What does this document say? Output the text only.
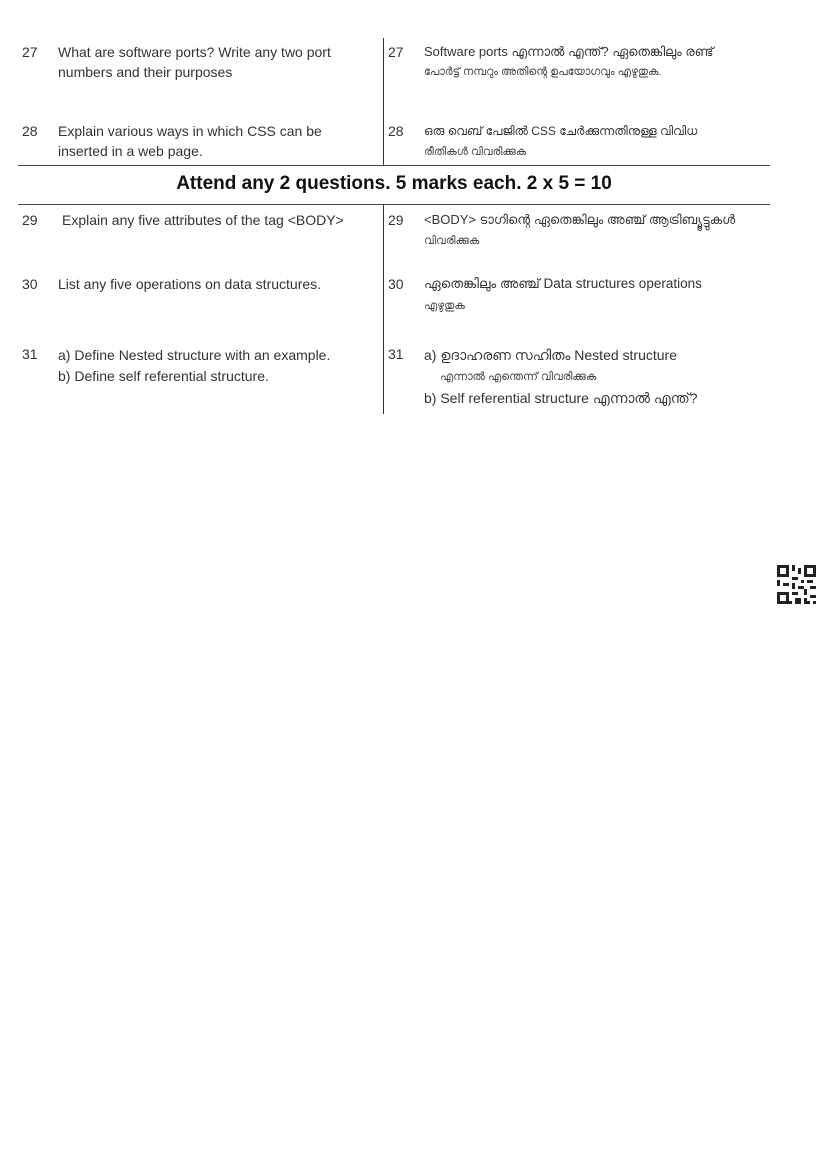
27 What are software ports? Write any two port
numbers and their purposes
27 Software ports എന്നാൽ എന്ത്? ഏതെങ്കിലും രണ്ട്
പോർട്ട് നമ്പറും അതിന്റെ ഉപയോഗവും എഴുതുക.
28 Explain various ways in which CSS can be
inserted in a web page.
28 ഒരു വെബ് പേജിൽ CSS ചേർക്കുന്നതിനുള്ള വിവിധ
രീതികൾ വിവരിക്കുക
Attend any 2 questions. 5 marks each. 2 x 5 = 10
29 Explain any five attributes of the tag <BODY>	29 <BODY> ടാഗിന്റെ ഏതെങ്കിലും അഞ്ച് ആട്രിബ്യൂട്ടുകൾ
വിവരിക്കുക
30 List any five operations on data structures.	30 ഏതെങ്കിലും അഞ്ച് Data structures operations
എഴുതുക
31 a) Define Nested structure with an example.
b) Define self referential structure.
31 a) ഉദാഹരണ സഹിതം Nested structure
എന്നാൽ എന്തെന്ന് വിവരിക്കുക
b) Self referential structure എന്നാൽ എന്ത്?
